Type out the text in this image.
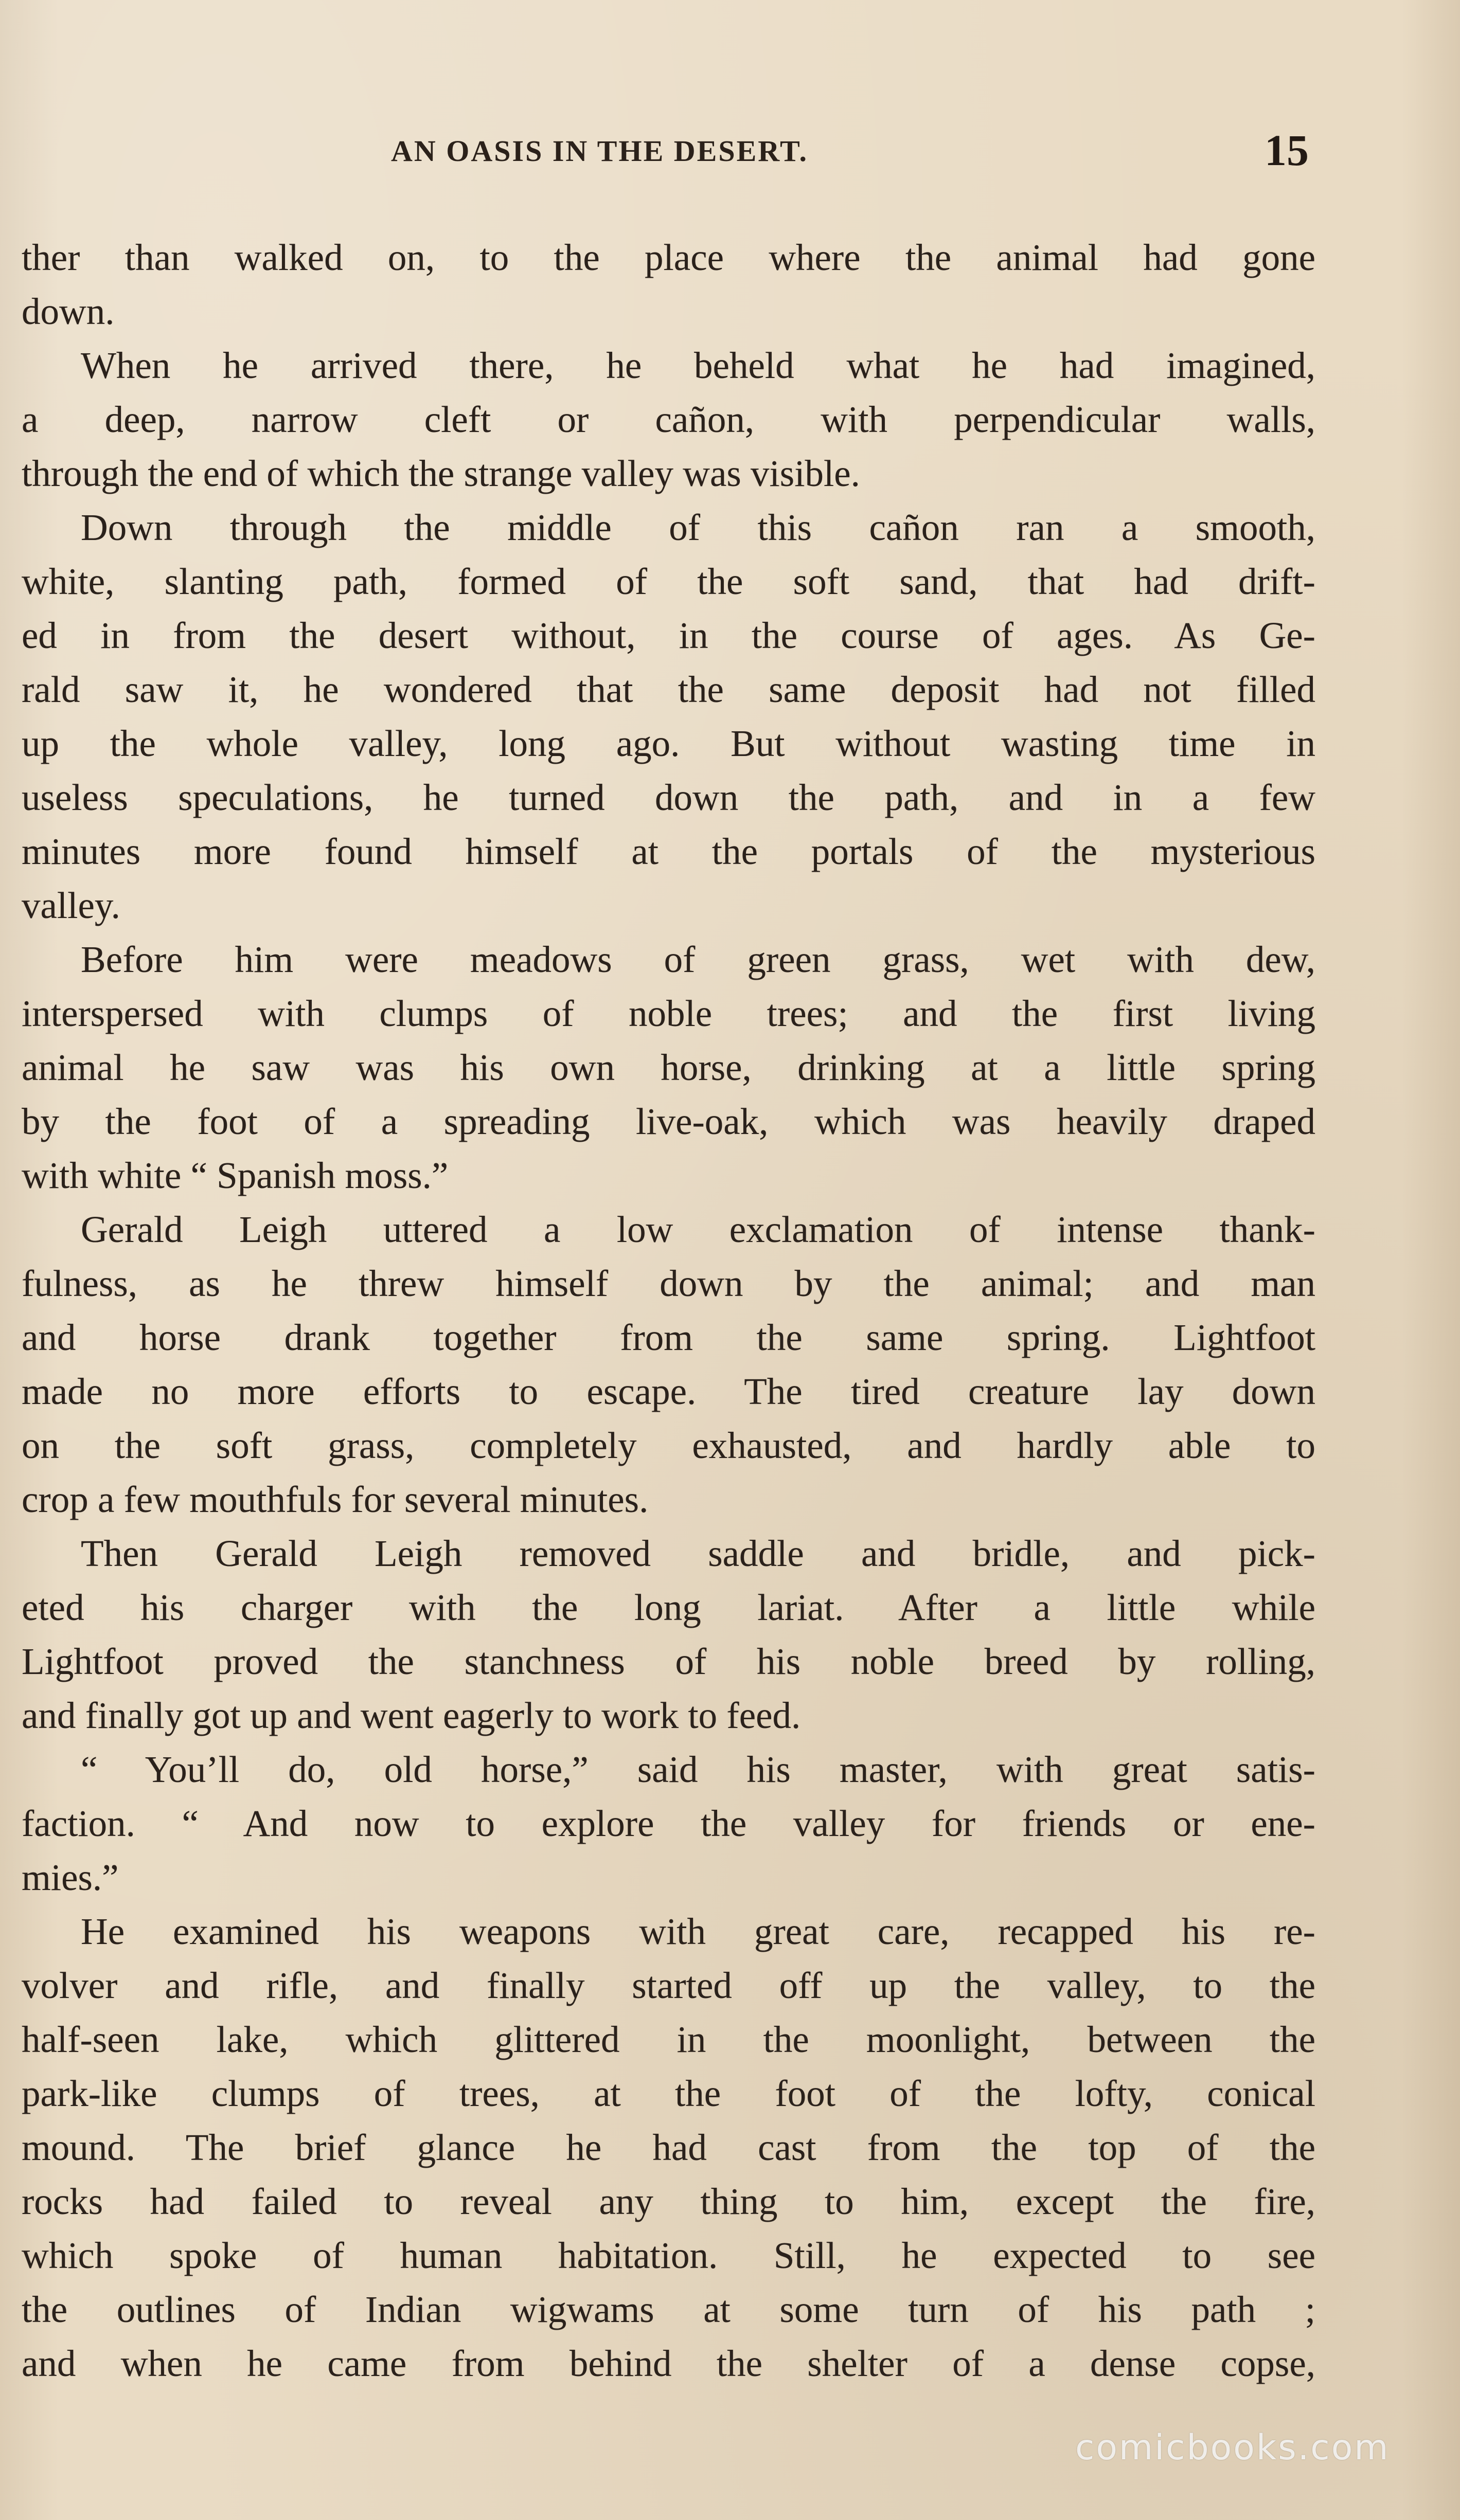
AN OASIS IN THE DESERT.	15
ther than walked on, to the place where the animal had gone
down.
When he arrived there, he beheld what he had imagined,
a deep, narrow cleft or cañon, with perpendicular walls,
through the end of which the strange valley was visible.
Down through the middle of this cañon ran a smooth,
white, slanting path, formed of the soft sand, that had drift-
ed in from the desert without, in the course of ages. As Ge-
rald saw it, he wondered that the same deposit had not filled
up the whole valley, long ago. But without wasting time in
useless speculations, he turned down the path, and in a few
minutes more found himself at the portals of the mysterious
valley.
Before him were meadows of green grass, wet with dew,
interspersed with clumps of noble trees; and the first living
animal he saw was his own horse, drinking at a little spring
by the foot of a spreading live-oak, which was heavily draped
with white “ Spanish moss.”
Gerald Leigh uttered a low exclamation of intense thank-
fulness, as he threw himself down by the animal; and man
and horse drank together from the same spring. Lightfoot
made no more efforts to escape. The tired creature lay down
on the soft grass, completely exhausted, and hardly able to
crop a few mouthfuls for several minutes.
Then Gerald Leigh removed saddle and bridle, and pick-
eted his charger with the long lariat. After a little while
Lightfoot proved the stanchness of his noble breed by rolling,
and finally got up and went eagerly to work to feed.
“ You’ll do, old horse,” said his master, with great satis-
faction. “ And now to explore the valley for friends or ene-
mies.”
He examined his weapons with great care, recapped his re-
volver and rifle, and finally started off up the valley, to the
half-seen lake, which glittered in the moonlight, between the
park-like clumps of trees, at the foot of the lofty, conical
mound. The brief glance he had cast from the top of the
rocks had failed to reveal any thing to him, except the fire,
which spoke of human habitation. Still, he expected to see
the outlines of Indian wigwams at some turn of his path ;
and when he came from behind the shelter of a dense copse,
comicbooks.com
